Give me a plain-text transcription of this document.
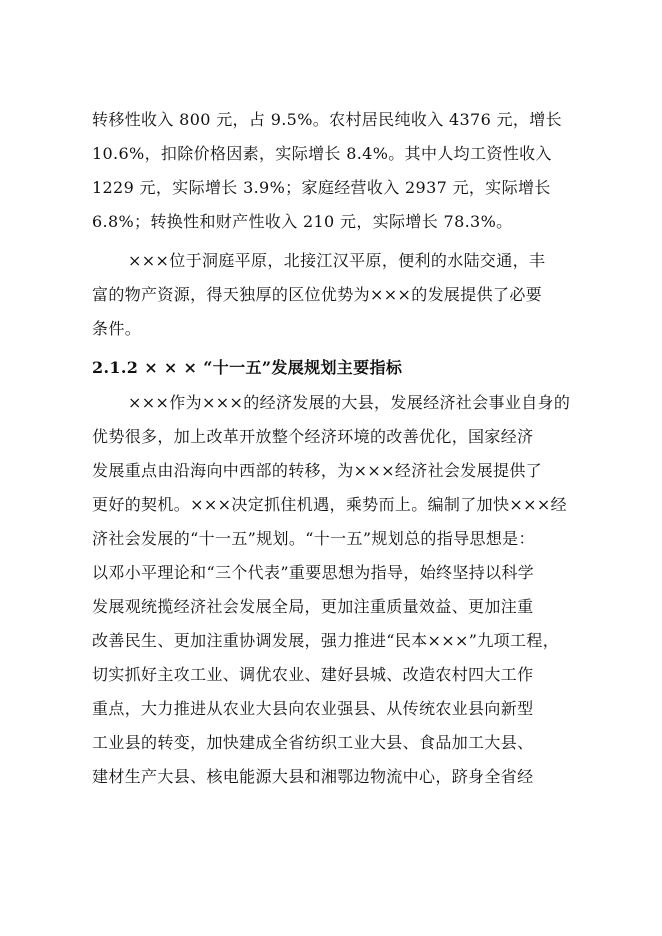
转移性收入 800 元，占 9.5%。农村居民纯收入 4376 元，增长
10.6%，扣除价格因素，实际增长 8.4%。其中人均工资性收入
1229 元，实际增长 3.9%；家庭经营收入 2937 元，实际增长
6.8%；转换性和财产性收入 210 元，实际增长 78.3%。
×××位于洞庭平原，北接江汉平原，便利的水陆交通，丰
富的物产资源，得天独厚的区位优势为×××的发展提供了必要
条件。
2.1.2 × × × “十一五”发展规划主要指标
×××作为×××的经济发展的大县，发展经济社会事业自身的
优势很多，加上改革开放整个经济环境的改善优化，国家经济
发展重点由沿海向中西部的转移，为×××经济社会发展提供了
更好的契机。×××决定抓住机遇，乘势而上。编制了加快×××经
济社会发展的“十一五”规划。“十一五”规划总的指导思想是：
以邓小平理论和“三个代表”重要思想为指导，始终坚持以科学
发展观统揽经济社会发展全局，更加注重质量效益、更加注重
改善民生、更加注重协调发展，强力推进“民本×××”九项工程，
切实抓好主攻工业、调优农业、建好县城、改造农村四大工作
重点，大力推进从农业大县向农业强县、从传统农业县向新型
工业县的转变，加快建成全省纺织工业大县、食品加工大县、
建材生产大县、核电能源大县和湘鄂边物流中心，跻身全省经
